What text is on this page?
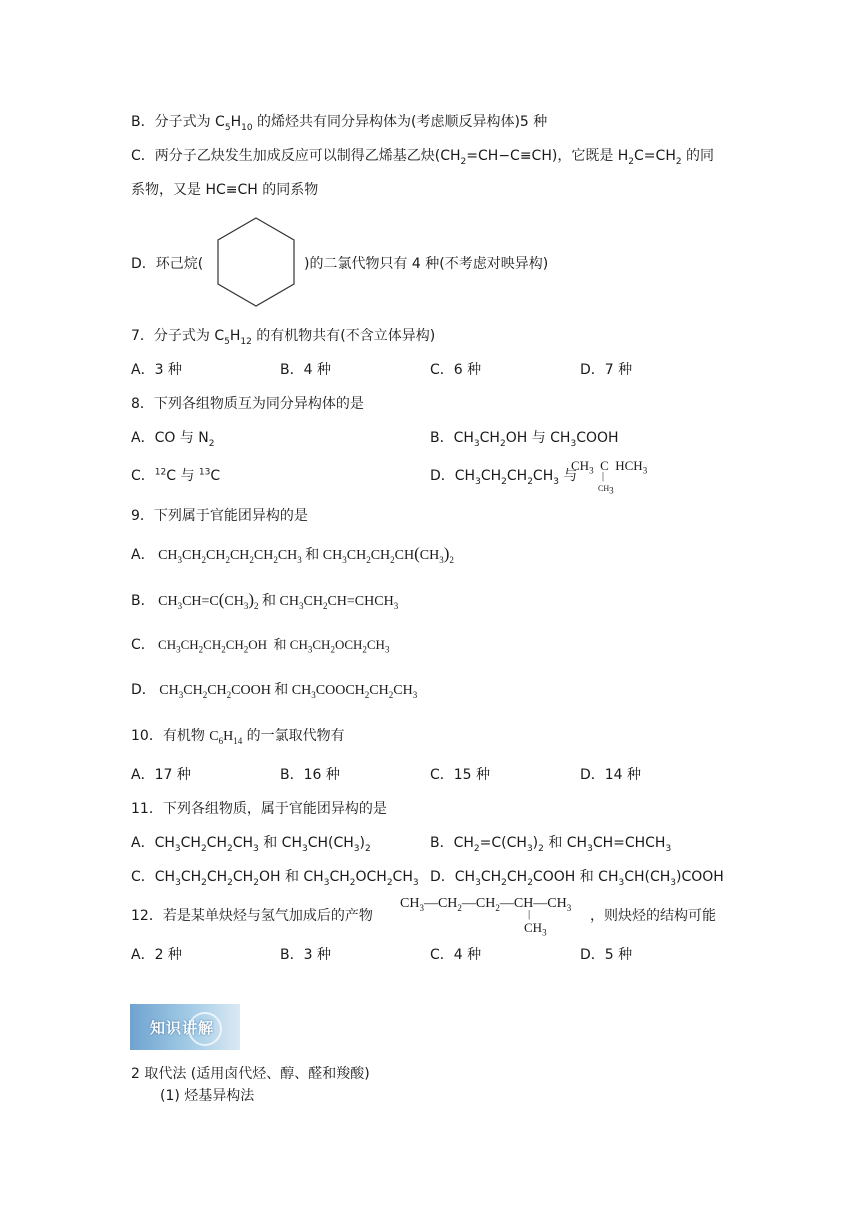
B．分子式为 $C_5H_{10}$ 的烯烃共有同分异构体为(考虑顺反异构体)5 种
C．两分子乙炔发生加成反应可以制得乙烯基乙炔$(CH_2=CH-C\equiv CH)$，它既是 $H_2C=CH_2$ 的同
系物，又是 HC≡CH 的同系物
D．环己烷(	)的二氯代物只有 4 种(不考虑对映异构)
7．分子式为 $C_5H_{12}$ 的有机物共有(不含立体异构)
A．3 种	B．4 种	C．6 种	D．7 种
8．下列各组物质互为同分异构体的是
A．CO 与 $N_2$	B．$CH_3CH_2OH$ 与 $CH_3COOH$
C．$^{12}$C 与 $^{13}$C	D．$CH_3CH_2CH_2CH_3$ 与
$CH_3$  C  $HCH_3$
|
$CH_3$
9．下列属于官能团异构的是
A． $CH_3CH_2CH_2CH_2CH_2CH_3$ 和 $CH_3CH_2CH_2CH(CH_3)_2$
B． $CH_3CH=C(CH_3)_2$ 和 $CH_3CH_2CH=CHCH_3$
C． $CH_3CH_2CH_2CH_2OH$  和 $CH_3CH_2OCH_2CH_3$
D． $CH_3CH_2CH_2COOH$ 和 $CH_3COOCH_2CH_2CH_3$
10．有机物 $C_6H_{14}$ 的一氯取代物有
A．17 种	B．16 种	C．15 种	D．14 种
11．下列各组物质，属于官能团异构的是
A．$CH_3CH_2CH_2CH_3$ 和 $CH_3CH(CH_3)_2$	B．$CH_2=C(CH_3)_2$ 和 $CH_3CH=CHCH_3$
C．$CH_3CH_2CH_2CH_2OH$ 和 $CH_3CH_2OCH_2CH_3$ D．$CH_3CH_2CH_2COOH$ 和 $CH_3CH(CH_3)COOH$
12．若是某单炔烃与氢气加成后的产物
$CH_3—CH_2—CH_2—CH—CH_3$
|
$CH_3$
，则炔烃的结构可能
A．2 种	B．3 种	C．4 种	D．5 种
知识讲解
2 取代法 (适用卤代烃、醇、醛和羧酸)
(1) 烃基异构法
